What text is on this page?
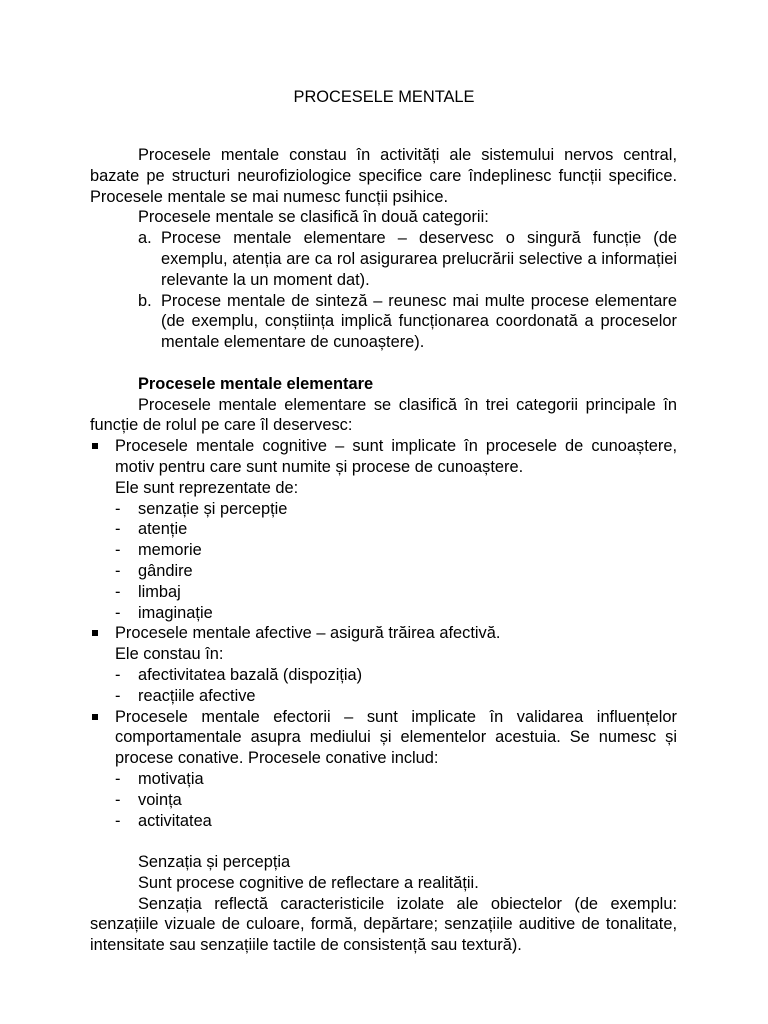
PROCESELE MENTALE

Procesele mentale constau în activități ale sistemului nervos central, bazate pe structuri neurofiziologice specifice care îndeplinesc funcții specifice. Procesele mentale se mai numesc funcții psihice.

Procesele mentale se clasifică în două categorii:

a. Procese mentale elementare – deservesc o singură funcție (de exemplu, atenția are ca rol asigurarea prelucrării selective a informației relevante la un moment dat).
b. Procese mentale de sinteză – reunesc mai multe procese elementare (de exemplu, conștiința implică funcționarea coordonată a proceselor mentale elementare de cunoaștere).

Procesele mentale elementare

Procesele mentale elementare se clasifică în trei categorii principale în funcție de rolul pe care îl deservesc:

Procesele mentale cognitive – sunt implicate în procesele de cunoaștere, motiv pentru care sunt numite și procese de cunoaștere.

Ele sunt reprezentate de:

- senzație și percepție
- atenție
- memorie
- gândire
- limbaj
- imaginație
Procesele mentale afective – asigură trăirea afectivă.

Ele constau în:

- afectivitatea bazală (dispoziția)
- reacțiile afective
Procesele mentale efectorii – sunt implicate în validarea influențelor comportamentale asupra mediului și elementelor acestuia. Se numesc și procese conative. Procesele conative includ:
- motivația
- voința
- activitatea

Senzația și percepția

Sunt procese cognitive de reflectare a realității.

Senzația reflectă caracteristicile izolate ale obiectelor (de exemplu: senzațiile vizuale de culoare, formă, depărtare; senzațiile auditive de tonalitate, intensitate sau senzațiile tactile de consistență sau textură).
